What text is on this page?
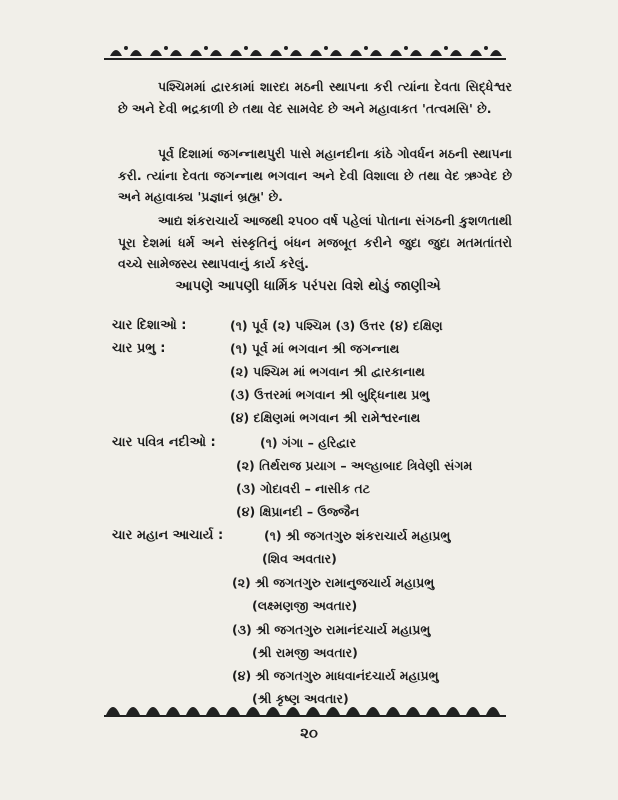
પશ્ચિમમાં દ્વારકામાં શારદા મઠની સ્થાપના કરી ત્યાંના દેવતા સિદ્ધેશ્વર છે અને દેવી ભદ્રકાળી છે તથા વેદ સામવેદ છે અને મહાવાકત 'તત્વમસિ' છે.

પૂર્વ દિશામાં જગન્નાથપુરી પાસે મહાનદીના કાંઠે ગોવર્ધન મઠની સ્થાપના કરી. ત્યાંના દેવતા જગન્નાથ ભગવાન અને દેવી વિશાલા છે તથા વેદ ઋગ્વેદ છે અને મહાવાક્ય 'પ્રજ્ઞાનં બ્રહ્મ' છે.

આદ્ય શંકરાચાર્ય આજથી ૨૫૦૦ વર્ષ પહેલાં પોતાના સંગઠની કુશળતાથી પૂરા દેશમાં ધર્મ અને સંસ્કૃતિનું બંધન મજબૂત કરીને જુદા જુદા મતમતાંતરો વચ્ચે સામેજસ્ય સ્થાપવાનું કાર્ય કરેલું.

આપણે આપણી ધાર્મિક પરંપરા વિશે થોડું જાણીએ
ચાર દિશાઓ :	(૧) પૂર્વ (૨) પશ્ચિમ (૩) ઉત્તર (૪) દક્ષિણ
ચાર પ્રભુ :	(૧) પૂર્વ માં ભગવાન શ્રી જગન્નાથ
(૨) પશ્ચિમ માં ભગવાન શ્રી દ્વારકાનાથ
(૩) ઉત્તરમાં ભગવાન શ્રી બુદ્ધિનાથ પ્રભુ
(૪) દક્ષિણમાં ભગવાન શ્રી રામેશ્વરનાથ
ચાર પવિત્ર નદીઓ :	(૧) ગંગા – હરિદ્વાર
(૨) તિર્થરાજ પ્રયાગ – અલ્હાબાદ ત્રિવેણી સંગમ
(૩) ગોદાવરી – નાસીક તટ
(૪) ક્ષિપ્રાનદી – ઉજ્જૈન
ચાર મહાન આચાર્ય :	(૧) શ્રી જગતગુરુ શંકરાચાર્ય મહાપ્રભુ
(શિવ અવતાર)
(૨) શ્રી જગતગુરુ રામાનુજચાર્ય મહાપ્રભુ
(લક્ષ્મણજી અવતાર)
(૩) શ્રી જગતગુરુ રામાનંદચાર્ય મહાપ્રભુ
(શ્રી રામજી અવતાર)
(૪) શ્રી જગતગુરુ માધવાનંદચાર્ય મહાપ્રભુ
(શ્રી કૃષ્ણ અવતાર)
૨૦
